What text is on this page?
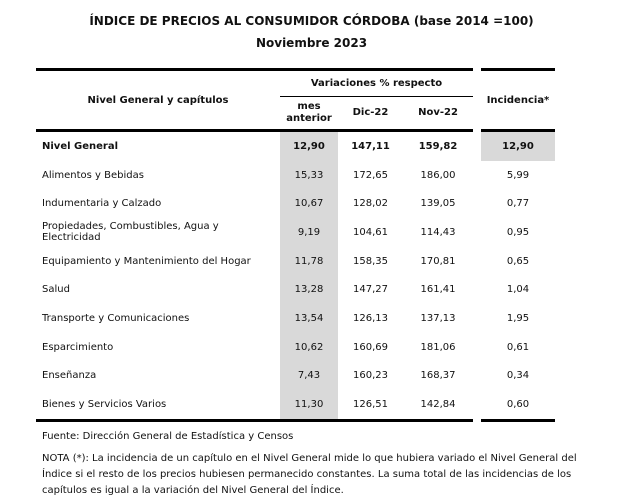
ÍNDICE DE PRECIOS AL CONSUMIDOR CÓRDOBA (base 2014 =100)
Noviembre 2023
Nivel General y capítulos
Variaciones % respecto
mes anterior
Dic-22	Nov-22
Incidencia*
Nivel General	12,90	147,11	159,82	12,90
Alimentos y Bebidas	15,33	172,65	186,00	5,99
Indumentaria y Calzado	10,67	128,02	139,05	0,77
Propiedades, Combustibles, Agua y Electricidad	9,19	104,61	114,43	0,95
Equipamiento y Mantenimiento del Hogar	11,78	158,35	170,81	0,65
Salud	13,28	147,27	161,41	1,04
Transporte y Comunicaciones	13,54	126,13	137,13	1,95
Esparcimiento	10,62	160,69	181,06	0,61
Enseñanza	7,43	160,23	168,37	0,34
Bienes y Servicios Varios	11,30	126,51	142,84	0,60
Fuente: Dirección General de Estadística y Censos
NOTA (*): La incidencia de un capítulo en el Nivel General mide lo que hubiera variado el Nivel General del
Índice si el resto de los precios hubiesen permanecido constantes. La suma total de las incidencias de los
capítulos es igual a la variación del Nivel General del Índice.
